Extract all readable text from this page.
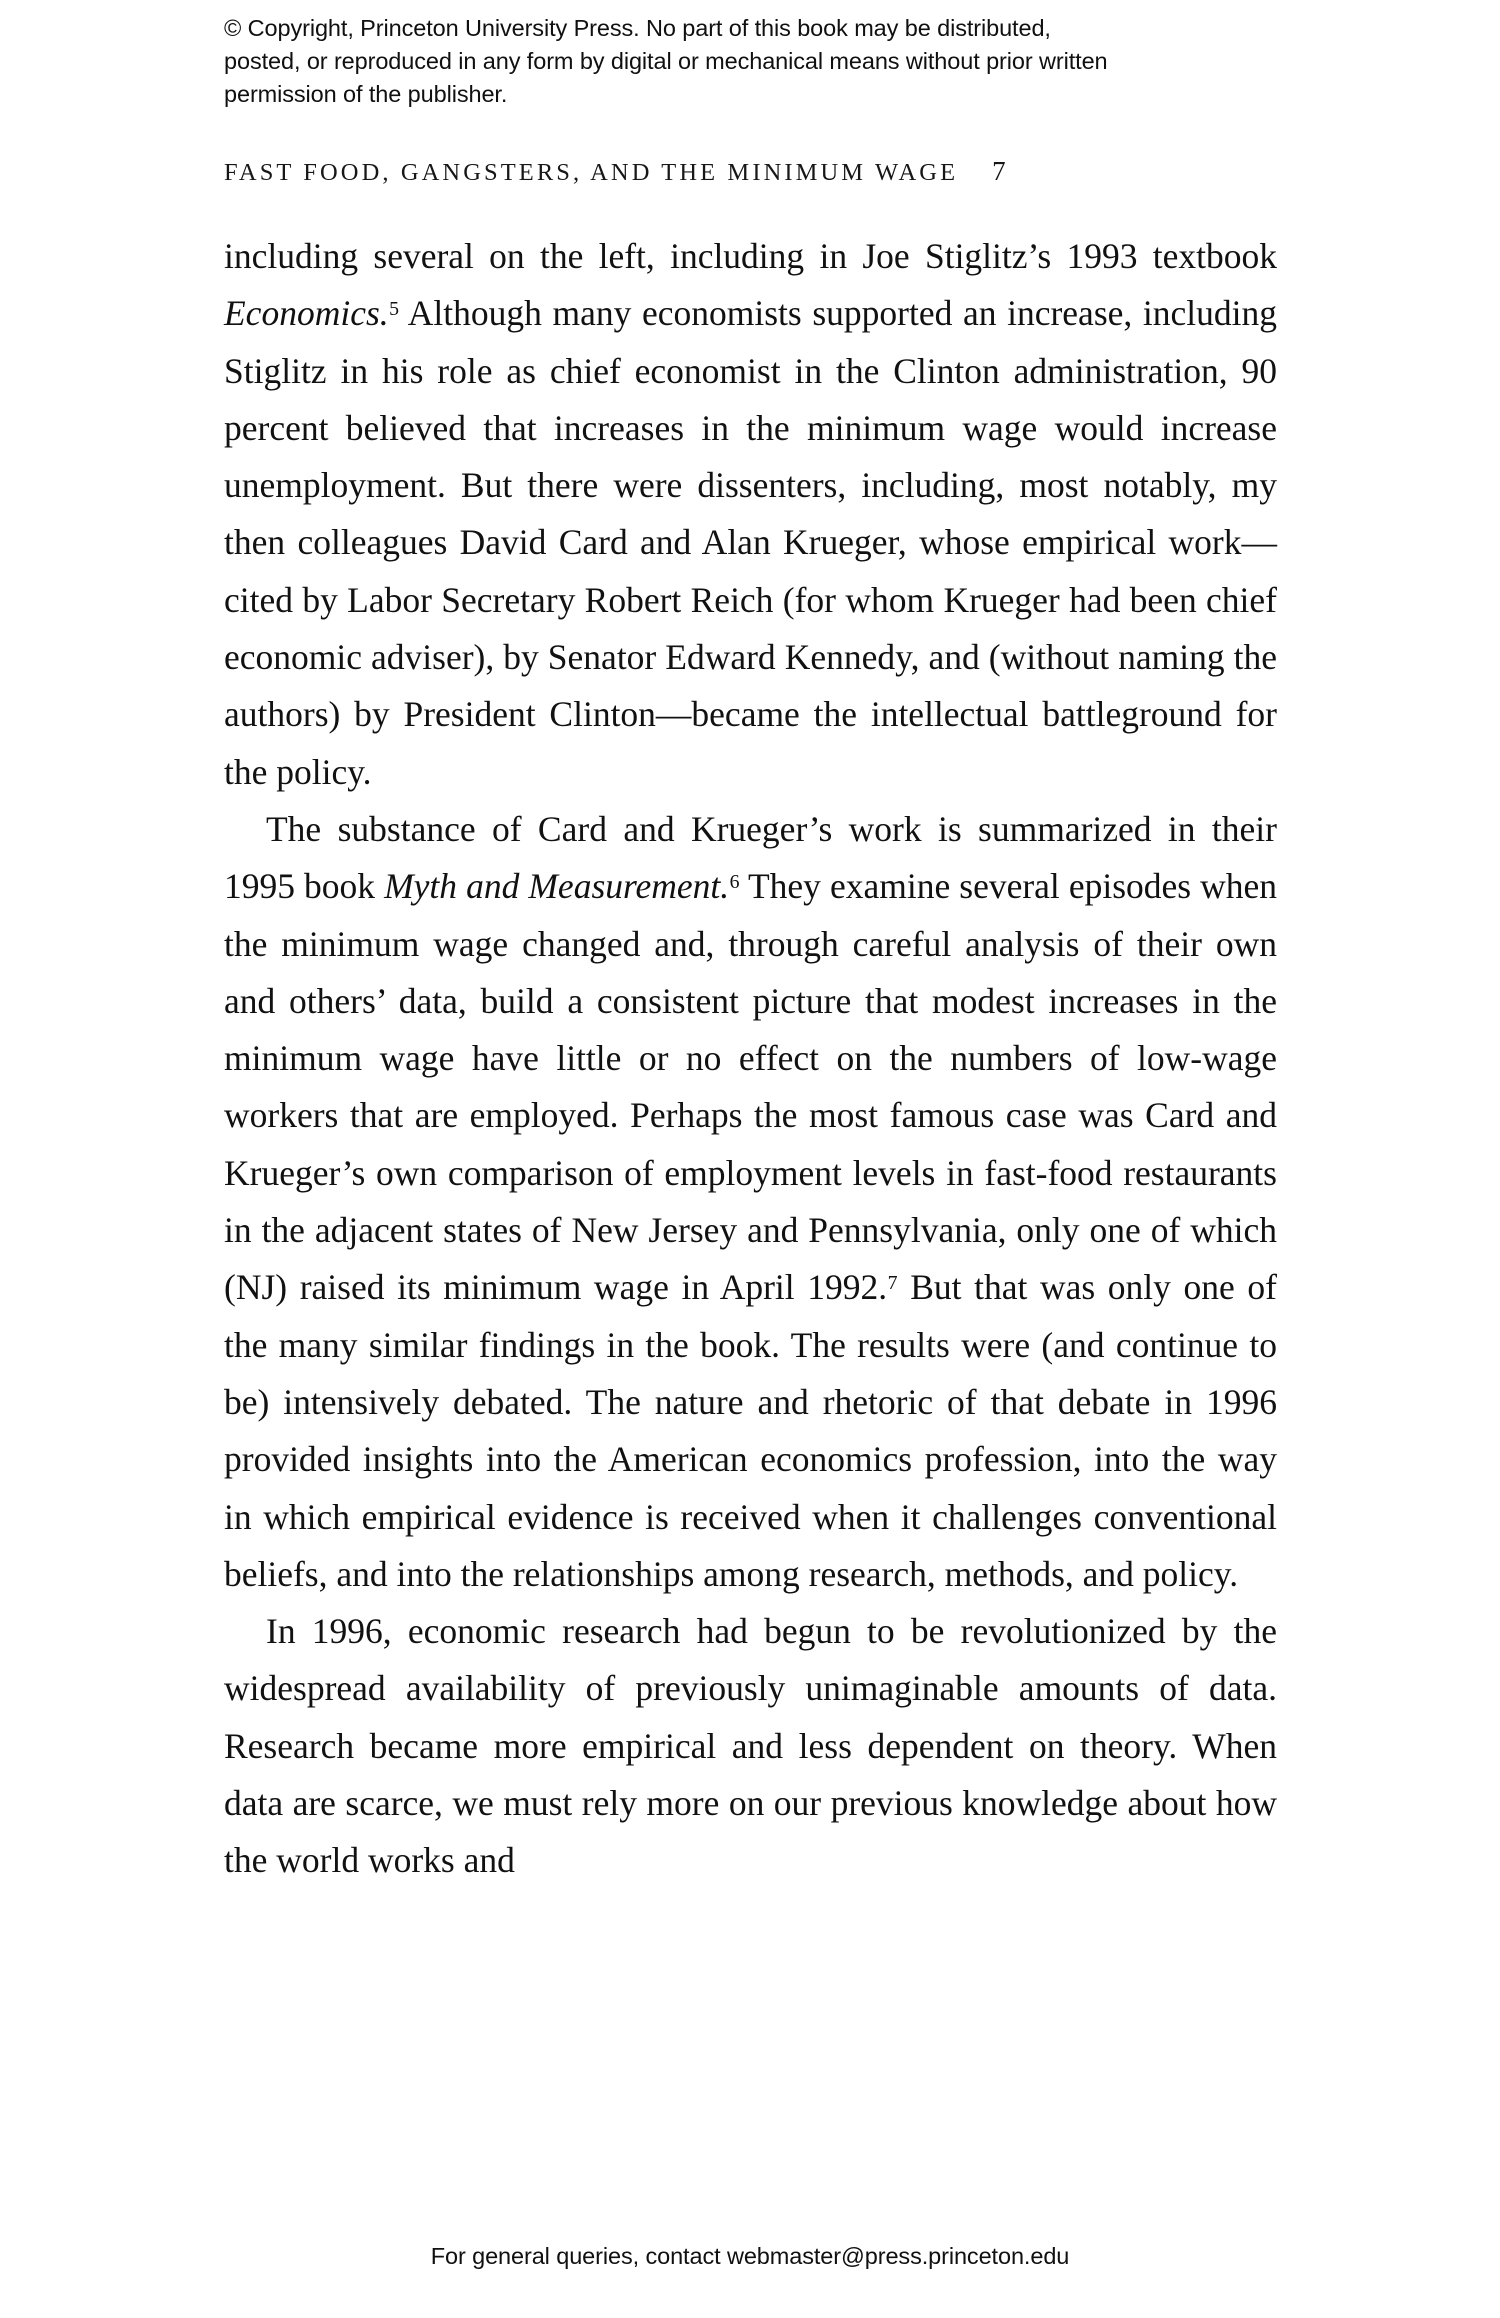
© Copyright, Princeton University Press. No part of this book may be distributed, posted, or reproduced in any form by digital or mechanical means without prior written permission of the publisher.
FAST FOOD, GANGSTERS, AND THE MINIMUM WAGE 7

including several on the left, including in Joe Stiglitz’s 1993 textbook Economics.$^5$ Although many economists supported an increase, including Stiglitz in his role as chief economist in the Clinton administration, 90 percent believed that increases in the minimum wage would increase unemployment. But there were dissenters, including, most notably, my then colleagues David Card and Alan Krueger, whose empirical work—cited by Labor Secretary Robert Reich (for whom Krueger had been chief economic adviser), by Senator Edward Kennedy, and (without naming the authors) by President Clinton—became the intellectual battleground for the policy.

The substance of Card and Krueger’s work is summarized in their 1995 book Myth and Measurement.$^6$ They examine several episodes when the minimum wage changed and, through careful analysis of their own and others’ data, build a consistent picture that modest increases in the minimum wage have little or no effect on the numbers of low-wage workers that are employed. Perhaps the most famous case was Card and Krueger’s own comparison of employment levels in fast-food restaurants in the adjacent states of New Jersey and Pennsylvania, only one of which (NJ) raised its minimum wage in April 1992.$^7$ But that was only one of the many similar findings in the book. The results were (and continue to be) intensively debated. The nature and rhetoric of that debate in 1996 provided insights into the American economics profession, into the way in which empirical evidence is received when it challenges conventional beliefs, and into the relationships among research, methods, and policy.

In 1996, economic research had begun to be revolutionized by the widespread availability of previously unimaginable amounts of data. Research became more empirical and less dependent on theory. When data are scarce, we must rely more on our previous knowledge about how the world works and

For general queries, contact webmaster@press.princeton.edu
